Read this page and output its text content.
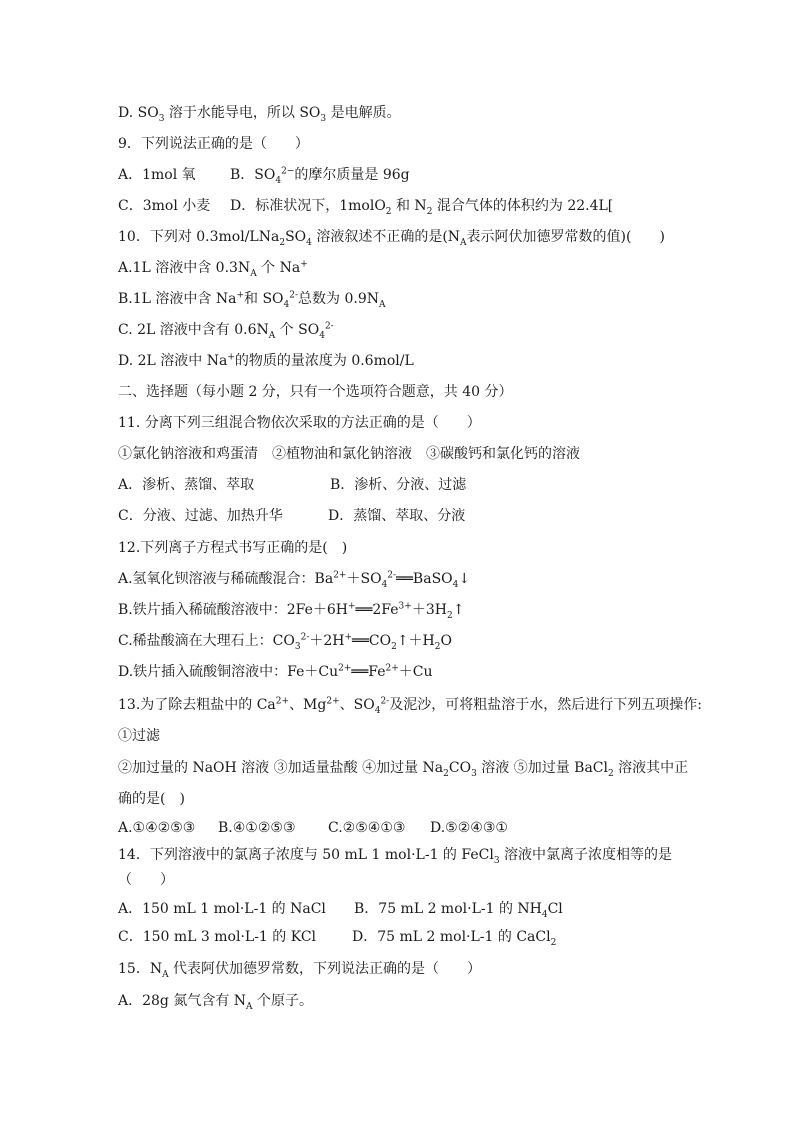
D. $SO_3$ 溶于水能导电，所以 $SO_3$ 是电解质。
9．下列说法正确的是（　　）
A．1mol 氧 B．$SO_4^{2-}$的摩尔质量是 96g
C．3mol 小麦 D．标准状况下，1molO$_2$ 和 $N_2$ 混合气体的体积约为 22.4L[
10．下列对 $0.3mol/LNa_2SO_4$ 溶液叙述不正确的是($N_A$表示阿伏加德罗常数的值)(　　)
A.1L 溶液中含 $0.3N_A$ 个 Na+
B.1L 溶液中含 Na+和 $SO_4^{2-}$总数为 $0.9N_A$
C. 2L 溶液中含有 $0.6N_A$ 个 $SO_4^{2-}$
D. 2L 溶液中 Na+的物质的量浓度为 0.6mol/L
二、选择题（每小题 2 分，只有一个选项符合题意，共 40 分）
11. 分离下列三组混合物依次采取的方法正确的是（　　）
①氯化钠溶液和鸡蛋清　②植物油和氯化钠溶液　③碳酸钙和氯化钙的溶液
A．渗析、蒸馏、萃取	B．渗析、分液、过滤
C．分液、过滤、加热升华	D．蒸馏、萃取、分液
12.下列离子方程式书写正确的是(　)
A.氢氧化钡溶液与稀硫酸混合：$Ba^{2+}+SO_4^{2-}══BaSO_4↓$
B.铁片插入稀硫酸溶液中：$2Fe+6H^+══2Fe^{3+}+3H_2↑$
C.稀盐酸滴在大理石上：$CO_3^{2-}+2H^+══CO_2↑+H_2O$
D.铁片插入硫酸铜溶液中：$Fe+Cu^{2+}══Fe^{2+}+Cu$
13.为了除去粗盐中的 $Ca^{2+}$、$Mg^{2+}$、$SO_4^{2-}$及泥沙，可将粗盐溶于水，然后进行下列五项操作:
①过滤
②加过量的 NaOH 溶液 ③加适量盐酸 ④加过量 $Na_2CO_3$ 溶液 ⑤加过量 BaCl$_2$ 溶液其中正
确的是(　)
A.①④②⑤③ B.④①②⑤③ C.②⑤④①③ D.⑤②④③①
14．下列溶液中的氯离子浓度与 50 mL 1 mol·L-1 的 FeCl$_3$ 溶液中氯离子浓度相等的是
（　　）
A．150 mL 1 mol·L-1 的 NaCl B．75 mL 2 mol·L-1 的 $NH_4Cl$
C．150 mL 3 mol·L-1 的 KCl	D．75 mL 2 mol·L-1 的 CaCl$_2$
15．$N_A$ 代表阿伏加德罗常数，下列说法正确的是（　　）
A．28g 氮气含有 $N_A$ 个原子。
